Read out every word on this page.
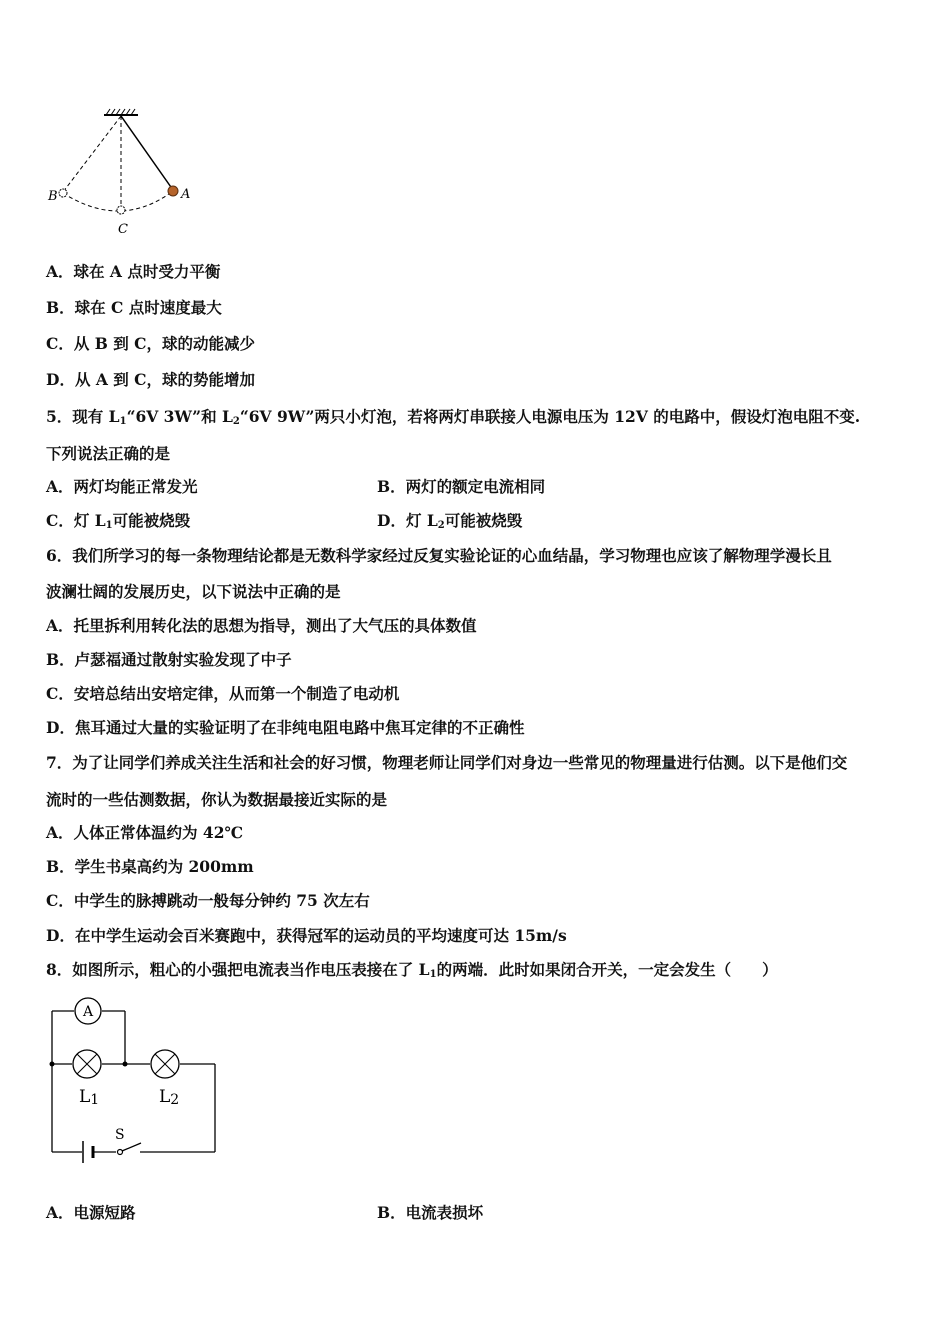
A
B
C
A．球在 A 点时受力平衡
B．球在 C 点时速度最大
C．从 B 到 C，球的动能减少
D．从 A 到 C，球的势能增加
5．现有 $L_1“6V$ 3W”和 $L_2“6V$ 9W”两只小灯泡，若将两灯串联接人电源电压为 12V 的电路中，假设灯泡电阻不变.
下列说法正确的是
A．两灯均能正常发光	B．两灯的额定电流相同
C．灯 $L_1$可能被烧毁	D．灯 $L_2$可能被烧毁
6．我们所学习的每一条物理结论都是无数科学家经过反复实验论证的心血结晶，学习物理也应该了解物理学漫长且
波澜壮阔的发展历史，以下说法中正确的是
A．托里拆利用转化法的思想为指导，测出了大气压的具体数值
B．卢瑟福通过散射实验发现了中子
C．安培总结出安培定律，从而第一个制造了电动机
D．焦耳通过大量的实验证明了在非纯电阻电路中焦耳定律的不正确性
7．为了让同学们养成关注生活和社会的好习惯，物理老师让同学们对身边一些常见的物理量进行估测。以下是他们交
流时的一些估测数据，你认为数据最接近实际的是
A．人体正常体温约为 42℃
B．学生书桌高约为 200mm
C．中学生的脉搏跳动一般每分钟约 75 次左右
D．在中学生运动会百米赛跑中，获得冠军的运动员的平均速度可达 15m/s
8．如图所示，粗心的小强把电流表当作电压表接在了 $L_1$的两端．此时如果闭合开关，一定会发生（　　）
A
L1	L2
S
A．电源短路	B．电流表损坏
